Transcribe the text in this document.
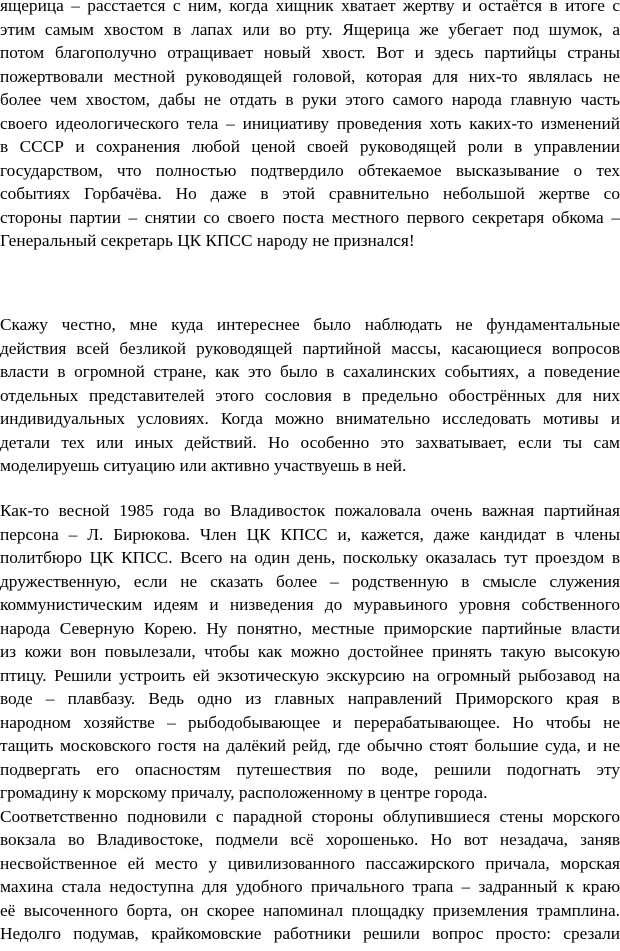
ящерица – расстается с ним, когда хищник хватает жертву и остаётся в итоге с
этим самым хвостом в лапах или во рту. Ящерица же убегает под шумок, а
потом благополучно отращивает новый хвост. Вот и здесь партийцы страны
пожертвовали местной руководящей головой, которая для них-то являлась не
более чем хвостом, дабы не отдать в руки этого самого народа главную часть
своего идеологического тела – инициативу проведения хоть каких-то изменений
в СССР и сохранения любой ценой своей руководящей роли в управлении
государством, что полностью подтвердило обтекаемое высказывание о тех
событиях Горбачёва. Но даже в этой сравнительно небольшой жертве со
стороны партии – снятии со своего поста местного первого секретаря обкома –
Генеральный секретарь ЦК КПСС народу не признался!
Скажу честно, мне куда интереснее было наблюдать не фундаментальные
действия всей безликой руководящей партийной массы, касающиеся вопросов
власти в огромной стране, как это было в сахалинских событиях, а поведение
отдельных представителей этого сословия в предельно обострённых для них
индивидуальных условиях. Когда можно внимательно исследовать мотивы и
детали тех или иных действий. Но особенно это захватывает, если ты сам
моделируешь ситуацию или активно участвуешь в ней.
Как-то весной 1985 года во Владивосток пожаловала очень важная партийная
персона – Л. Бирюкова. Член ЦК КПСС и, кажется, даже кандидат в члены
политбюро ЦК КПСС. Всего на один день, поскольку оказалась тут проездом в
дружественную, если не сказать более – родственную в смысле служения
коммунистическим идеям и низведения до муравьиного уровня собственного
народа Северную Корею. Ну понятно, местные приморские партийные власти
из кожи вон повылезали, чтобы как можно достойнее принять такую высокую
птицу. Решили устроить ей экзотическую экскурсию на огромный рыбозавод на
воде – плавбазу. Ведь одно из главных направлений Приморского края в
народном хозяйстве – рыбодобывающее и перерабатывающее. Но чтобы не
тащить московского гостя на далёкий рейд, где обычно стоят большие суда, и не
подвергать его опасностям путешествия по воде, решили подогнать эту
громадину к морскому причалу, расположенному в центре города.
Соответственно подновили с парадной стороны облупившиеся стены морского
вокзала во Владивостоке, подмели всё хорошенько. Но вот незадача, заняв
несвойственное ей место у цивилизованного пассажирского причала, морская
махина стала недоступна для удобного причального трапа – задранный к краю
её высоченного борта, он скорее напоминал площадку приземления трамплина.
Недолго подумав, крайкомовские работники решили вопрос просто: срезали
